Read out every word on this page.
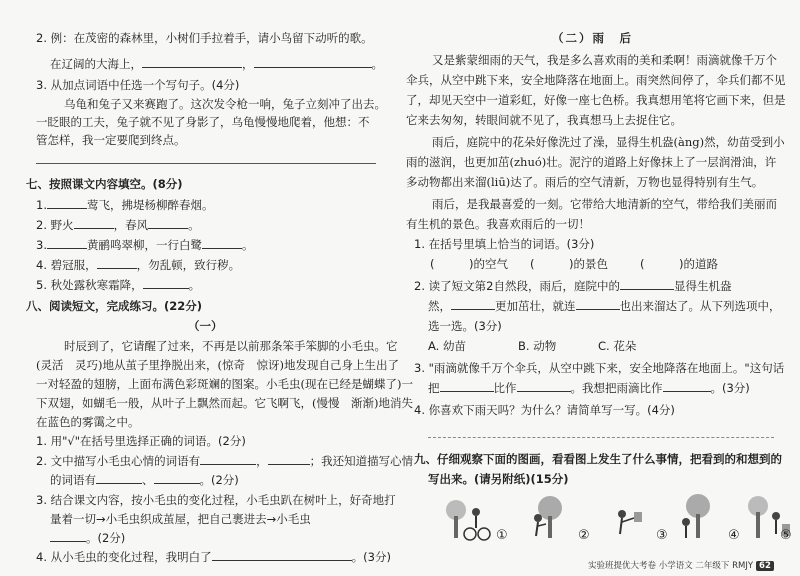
2. 例：在茂密的森林里，小树们手拉着手，请小鸟留下动听的歌。
在辽阔的大海上，	，	。
3. 从加点词语中任选一个写句子。(4分)
乌龟和兔子又来赛跑了。这次发令枪一响，兔子立刻冲了出去。
一眨眼的工夫，兔子就不见了身影了，乌龟慢慢地爬着，他想：不
管怎样，我一定要爬到终点。
七、按照课文内容填空。(8分)
1.	莺飞，拂堤杨柳醉春烟。
2. 野火	，春风	。
3.	黄鹂鸣翠柳，一行白鹭	。
4. 碧冠服，	，勿乱顿，致行秽。
5. 秋处露秋寒霜降，	。
八、阅读短文，完成练习。(22分)
（一）
时辰到了，它请醒了过来，不再是以前那条笨手笨脚的小毛虫。它
(灵活　灵巧)地从茧子里挣脱出来，(惊奇　惊讶)地发现自己身上生出了
一对轻盈的翅膀，上面布满色彩斑斓的图案。小毛虫(现在已经是蝴蝶了)一
下双翅，如蝴毛一般，从叶子上飘然而起。它飞啊飞，(慢慢　渐渐)地消失
在蓝色的雾霭之中。
1. 用"√"在括号里选择正确的词语。(2分)
2. 文中描写小毛虫心情的词语有	，	；我还知道描写心情
的词语有	、	。(2分)
3. 结合课文内容，按小毛虫的变化过程，小毛虫趴在树叶上，好奇地打
量着一切→小毛虫织成茧屋，把自己裹进去→小毛虫
。(2分)
4. 从小毛虫的变化过程，我明白了	。(3分)
（二）雨　后
又是紫蒙细雨的天气，我是多么喜欢雨的美和柔啊！雨滴就像千万个
伞兵，从空中跳下来，安全地降落在地面上。雨突然间停了，伞兵们都不见
了，却见天空中一道彩虹，好像一座七色桥。我真想用笔将它画下来，但是
它来去匆匆，转眼间就不见了，我真想马上去捉住它。
雨后，庭院中的花朵好像洗过了澡，显得生机盎(àng)然，幼苗受到小
雨的滋润，也更加茁(zhuó)壮。泥泞的道路上好像抹上了一层润滑油，许
多动物都出来溜(liū)达了。雨后的空气清新，万物也显得特别有生气。
雨后，是我最喜爱的一刻。它带给大地清新的空气，带给我们美丽而
有生机的景色。我喜欢雨后的一切！
1. 在括号里填上恰当的词语。(3分)
(　　　)的空气 (　　　)的景色	(　　　)的道路
2. 读了短文第2自然段，雨后，庭院中的	显得生机盎
然，	更加茁壮，就连	也出来溜达了。从下列选项中，
选一选。(3分)
A. 幼苗	B. 动物	C. 花朵
3. "雨滴就像千万个伞兵，从空中跳下来，安全地降落在地面上。"这句话
把	比作	。我想把雨滴比作	。(3分)
4. 你喜欢下雨天吗？为什么？请简单写一写。(4分)
九、仔细观察下面的图画，看看图上发生了什么事情，把看到的和想到的
写出来。(请另附纸)(15分)
①	②	③	④	⑤
实验班提优大考卷 小学语文 二年级下 RMJY 62
